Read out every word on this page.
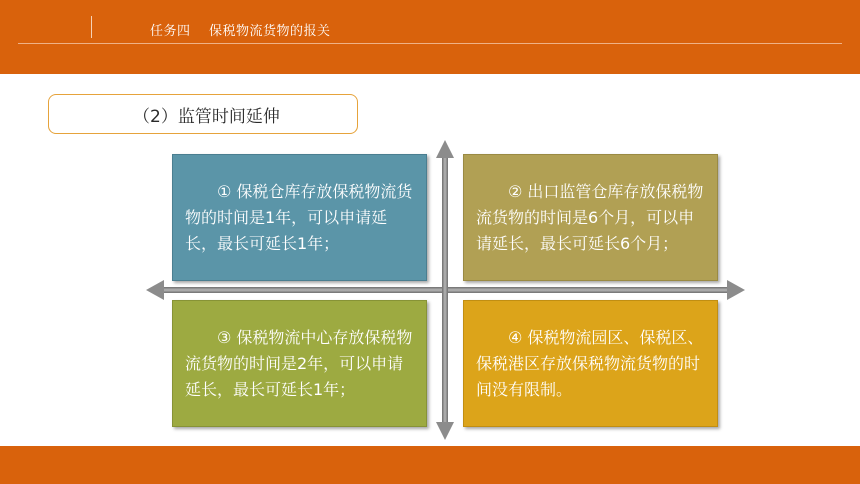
任务四    保税物流货物的报关
（2）监管时间延伸
① 保税仓库存放保税物流货物的时间是1年，可以申请延长，最长可延长1年；
② 出口监管仓库存放保税物流货物的时间是6个月，可以申请延长，最长可延长6个月；
③ 保税物流中心存放保税物流货物的时间是2年，可以申请延长，最长可延长1年；
④ 保税物流园区、保税区、保税港区存放保税物流货物的时间没有限制。
